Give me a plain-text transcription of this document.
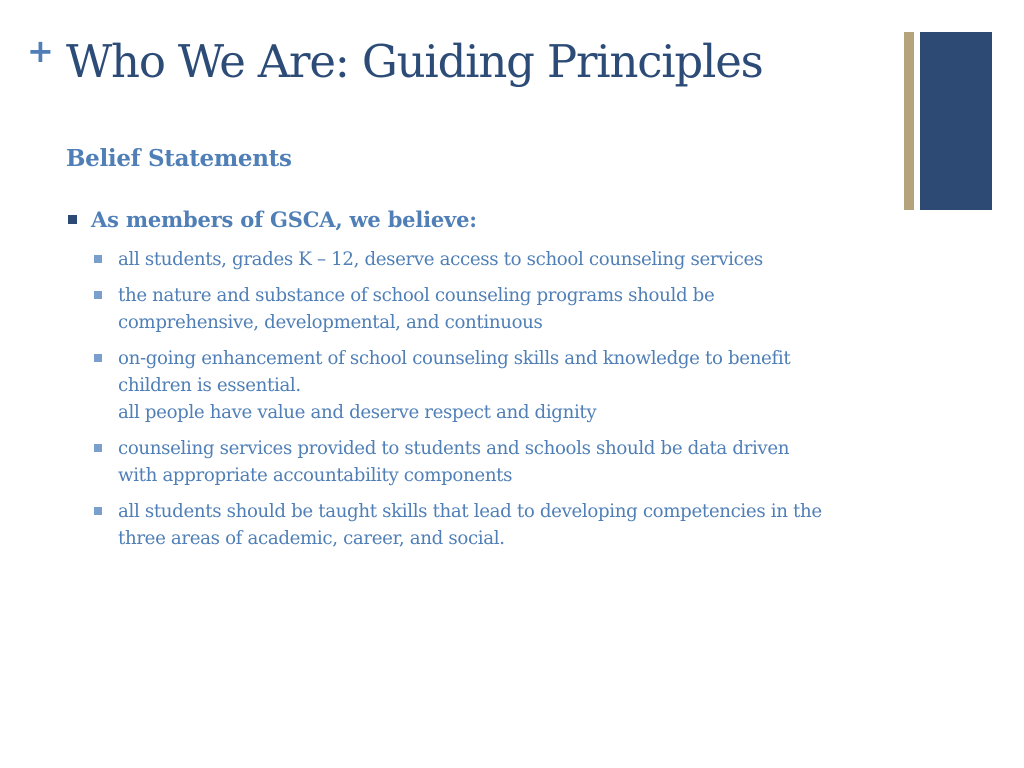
+ Who We Are: Guiding Principles
Belief Statements
As members of GSCA, we believe:
all students, grades K – 12, deserve access to school counseling services
the nature and substance of school counseling programs should be
comprehensive, developmental, and continuous
on-going enhancement of school counseling skills and knowledge to benefit
children is essential.
all people have value and deserve respect and dignity
counseling services provided to students and schools should be data driven
with appropriate accountability components
all students should be taught skills that lead to developing competencies in the
three areas of academic, career, and social.
